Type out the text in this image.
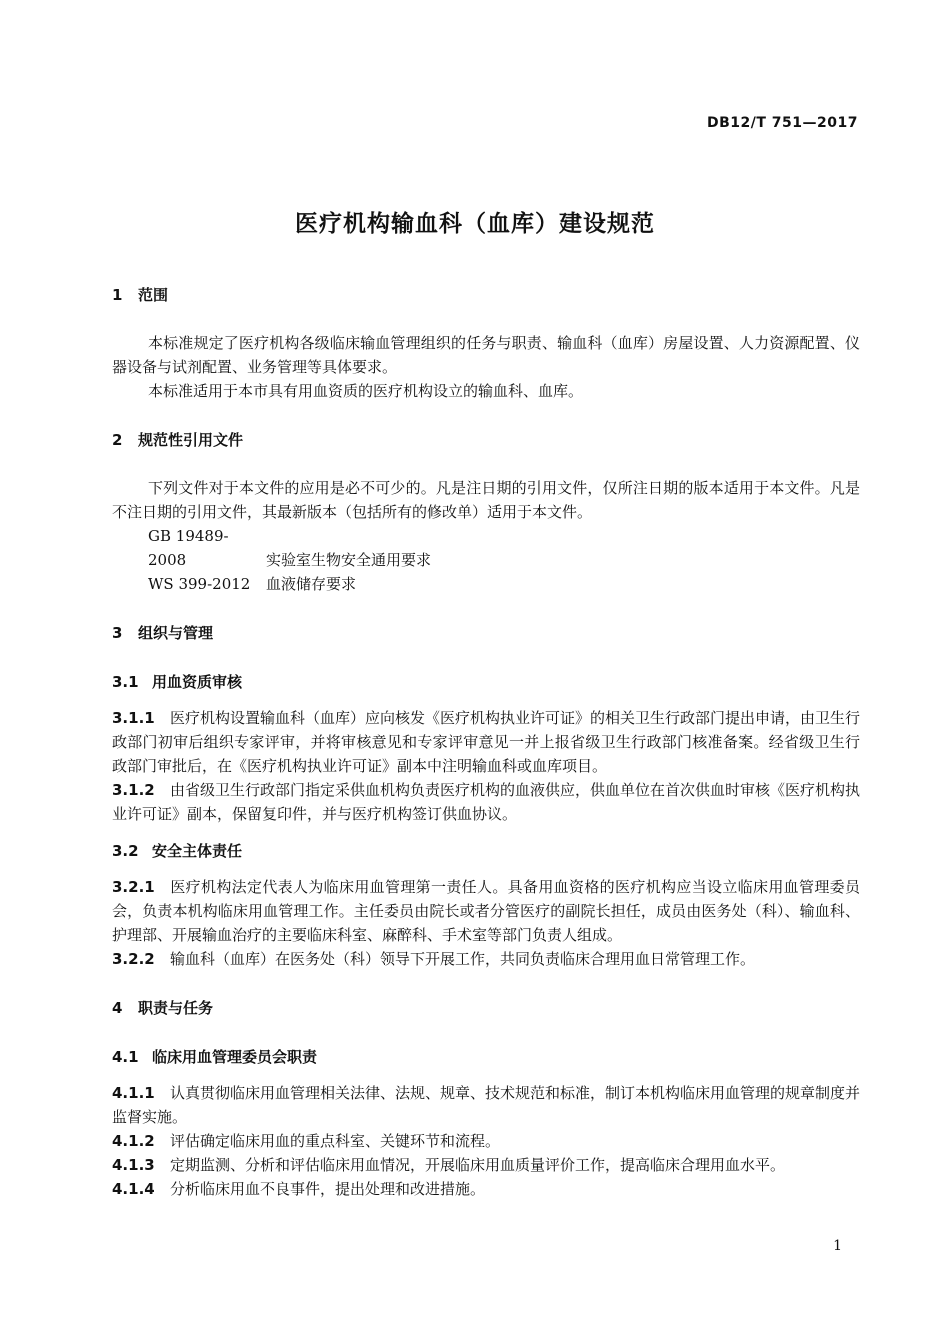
DB12/T 751—2017
医疗机构输血科（血库）建设规范
1 范围

本标准规定了医疗机构各级临床输血管理组织的任务与职责、输血科（血库）房屋设置、人力资源配置、仪器设备与试剂配置、业务管理等具体要求。

本标准适用于本市具有用血资质的医疗机构设立的输血科、血库。

2 规范性引用文件

下列文件对于本文件的应用是必不可少的。凡是注日期的引用文件，仅所注日期的版本适用于本文件。凡是不注日期的引用文件，其最新版本（包括所有的修改单）适用于本文件。

GB 19489-2008	实验室生物安全通用要求

WS 399-2012 血液储存要求

3 组织与管理
3.1 用血资质审核

3.1.1 医疗机构设置输血科（血库）应向核发《医疗机构执业许可证》的相关卫生行政部门提出申请，由卫生行政部门初审后组织专家评审，并将审核意见和专家评审意见一并上报省级卫生行政部门核准备案。经省级卫生行政部门审批后，在《医疗机构执业许可证》副本中注明输血科或血库项目。

3.1.2 由省级卫生行政部门指定采供血机构负责医疗机构的血液供应，供血单位在首次供血时审核《医疗机构执业许可证》副本，保留复印件，并与医疗机构签订供血协议。

3.2 安全主体责任

3.2.1 医疗机构法定代表人为临床用血管理第一责任人。具备用血资格的医疗机构应当设立临床用血管理委员会，负责本机构临床用血管理工作。主任委员由院长或者分管医疗的副院长担任，成员由医务处（科）、输血科、护理部、开展输血治疗的主要临床科室、麻醉科、手术室等部门负责人组成。

3.2.2 输血科（血库）在医务处（科）领导下开展工作，共同负责临床合理用血日常管理工作。

4 职责与任务
4.1 临床用血管理委员会职责

4.1.1 认真贯彻临床用血管理相关法律、法规、规章、技术规范和标准，制订本机构临床用血管理的规章制度并监督实施。

4.1.2 评估确定临床用血的重点科室、关键环节和流程。

4.1.3 定期监测、分析和评估临床用血情况，开展临床用血质量评价工作，提高临床合理用血水平。

4.1.4 分析临床用血不良事件，提出处理和改进措施。

1
